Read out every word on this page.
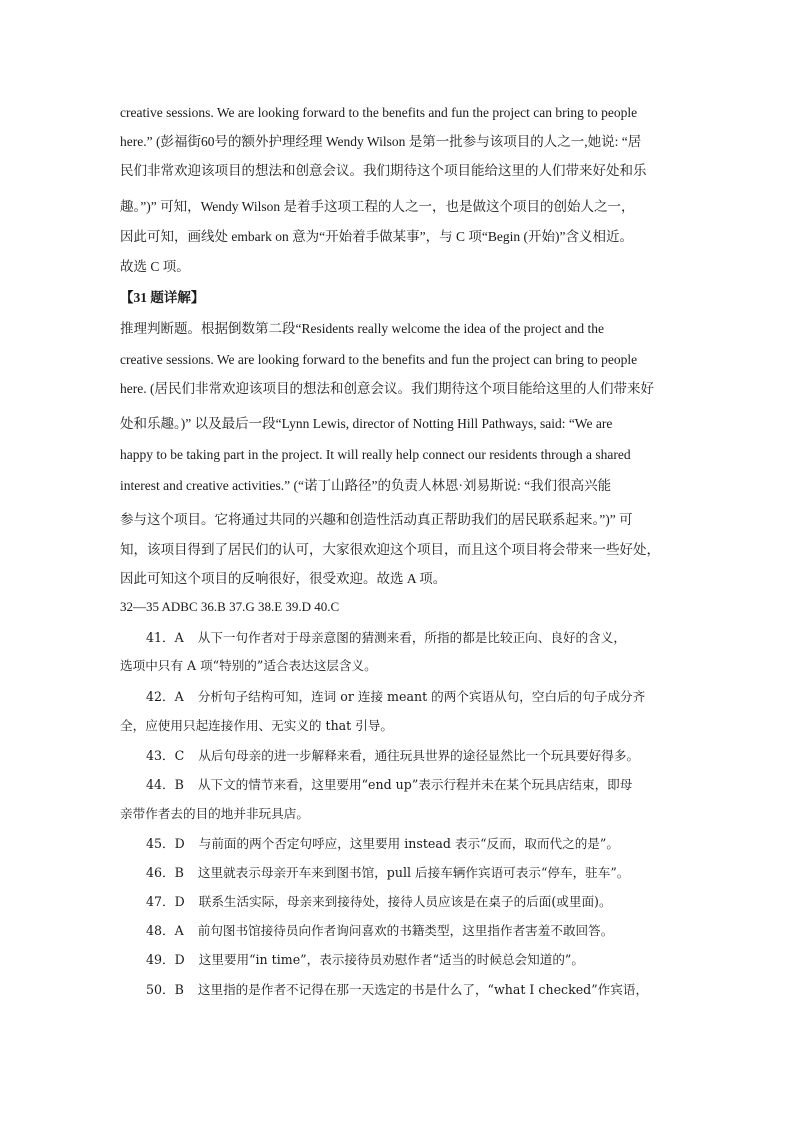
creative sessions. We are looking forward to the benefits and fun the project can bring to people
here.” (彭福街60号的额外护理经理 Wendy Wilson 是第一批参与该项目的人之一,她说: “居
民们非常欢迎该项目的想法和创意会议。我们期待这个项目能给这里的人们带来好处和乐
趣。”)” 可知，Wendy Wilson 是着手这项工程的人之一，也是做这个项目的创始人之一，
因此可知，画线处 embark on 意为“开始着手做某事”，与 C 项“Begin (开始)”含义相近。
故选 C 项。
【31 题详解】
推理判断题。根据倒数第二段“Residents really welcome the idea of the project and the
creative sessions. We are looking forward to the benefits and fun the project can bring to people
here. (居民们非常欢迎该项目的想法和创意会议。我们期待这个项目能给这里的人们带来好
处和乐趣。)” 以及最后一段“Lynn Lewis, director of Notting Hill Pathways, said: “We are
happy to be taking part in the project. It will really help connect our residents through a shared
interest and creative activities.” (“诺丁山路径”的负责人林恩·刘易斯说: “我们很高兴能
参与这个项目。它将通过共同的兴趣和创造性活动真正帮助我们的居民联系起来。”)” 可
知，该项目得到了居民们的认可，大家很欢迎这个项目，而且这个项目将会带来一些好处，
因此可知这个项目的反响很好，很受欢迎。故选 A 项。
32—35 ADBC 36.B 37.G 38.E 39.D 40.C
41．A 从下一句作者对于母亲意图的猜测来看，所指的都是比较正向、良好的含义，
选项中只有 A 项“特别的”适合表达这层含义。
42．A 分析句子结构可知，连词 or 连接 meant 的两个宾语从句，空白后的句子成分齐
全，应使用只起连接作用、无实义的 that 引导。
43．C 从后句母亲的进一步解释来看，通往玩具世界的途径显然比一个玩具要好得多。
44．B 从下文的情节来看，这里要用“end up”表示行程并未在某个玩具店结束，即母
亲带作者去的目的地并非玩具店。
45．D 与前面的两个否定句呼应，这里要用 instead 表示“反而，取而代之的是”。
46．B 这里就表示母亲开车来到图书馆，pull 后接车辆作宾语可表示“停车，驻车”。
47．D 联系生活实际，母亲来到接待处，接待人员应该是在桌子的后面(或里面)。
48．A 前句图书馆接待员向作者询问喜欢的书籍类型，这里指作者害羞不敢回答。
49．D 这里要用“in time”，表示接待员劝慰作者“适当的时候总会知道的”。
50．B 这里指的是作者不记得在那一天选定的书是什么了，“what I checked”作宾语，
